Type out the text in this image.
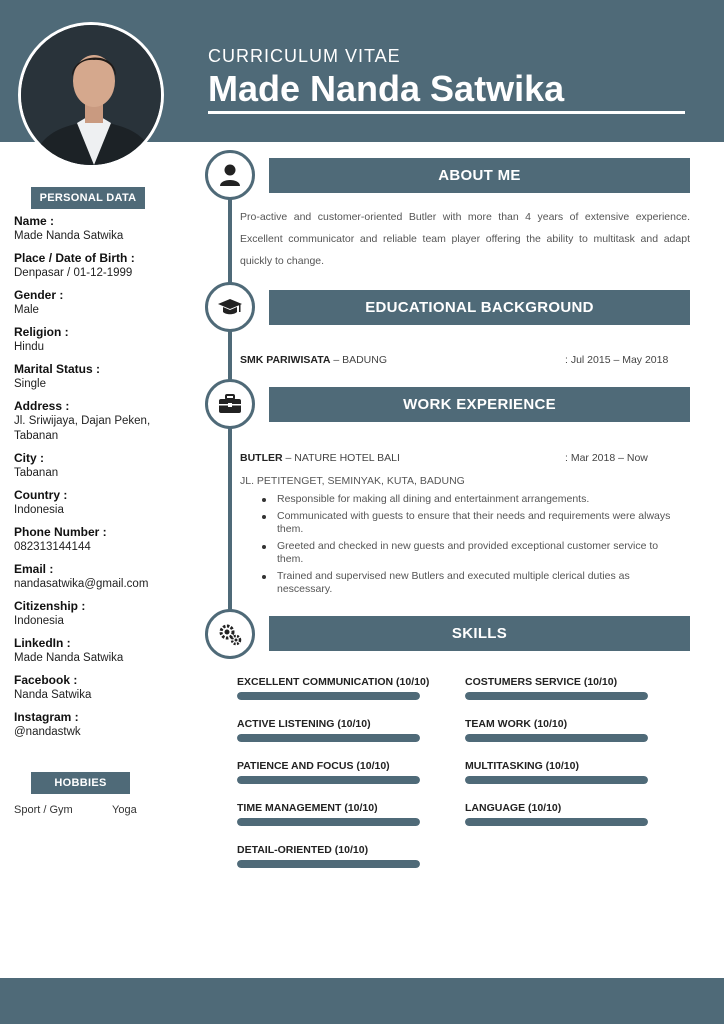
CURRICULUM VITAE
Made Nanda Satwika
PERSONAL DATA
Name :
Made Nanda Satwika
Place / Date of Birth :
Denpasar / 01-12-1999
Gender :
Male
Religion :
Hindu
Marital Status :
Single
Address :
Jl. Sriwijaya, Dajan Peken, Tabanan
City :
Tabanan
Country :
Indonesia
Phone Number :
082313144144
Email :
nandasatwika@gmail.com
Citizenship :
Indonesia
LinkedIn :
Made Nanda Satwika
Facebook :
Nanda Satwika
Instagram :
@nandastwk
HOBBIES
Sport / Gym	Yoga
ABOUT ME
Pro-active and customer-oriented Butler with more than 4 years of extensive experience. Excellent communicator and reliable team player offering the ability to multitask and adapt quickly to change.
EDUCATIONAL BACKGROUND
SMK PARIWISATA – BADUNG	: Jul 2015 – May 2018
WORK EXPERIENCE
BUTLER – NATURE HOTEL BALI	: Mar 2018 – Now
JL. PETITENGET, SEMINYAK, KUTA, BADUNG
Responsible for making all dining and entertainment arrangements.
Communicated with guests to ensure that their needs and requirements were always them.
Greeted and checked in new guests and provided exceptional customer service to them.
Trained and supervised new Butlers and executed multiple clerical duties as nescessary.
SKILLS
EXCELLENT COMMUNICATION (10/10)	COSTUMERS SERVICE (10/10)
ACTIVE LISTENING (10/10)	TEAM WORK (10/10)
PATIENCE AND FOCUS (10/10)	MULTITASKING (10/10)
TIME MANAGEMENT (10/10)	LANGUAGE (10/10)
DETAIL-ORIENTED (10/10)
